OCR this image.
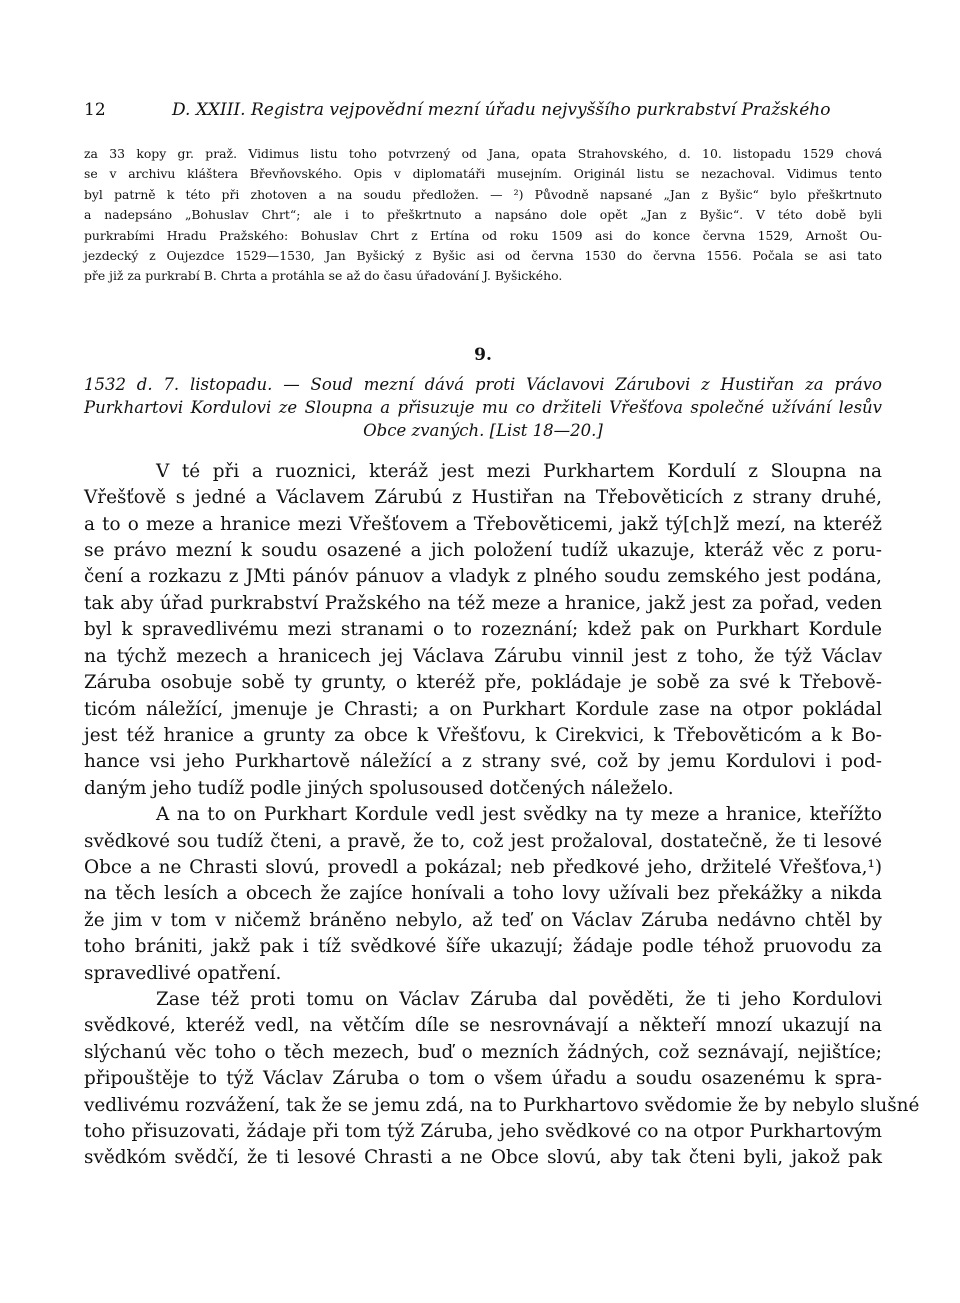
12	D. XXIII. Registra vejpovědní mezní úřadu nejvyššího purkrabství Pražského
za 33 kopy gr. praž. Vidimus listu toho potvrzený od Jana, opata Strahovského, d. 10. listopadu 1529 chová
se v archivu kláštera Břevňovského. Opis v diplomatáři musejním. Originál listu se nezachoval. Vidimus tento
byl patrně k této při zhotoven a na soudu předložen. — ²) Původně napsané „Jan z Byšic“ bylo přeškrtnuto
a nadepsáno „Bohuslav Chrt“; ale i to přeškrtnuto a napsáno dole opět „Jan z Byšic“. V této době byli
purkrabími Hradu Pražského: Bohuslav Chrt z Ertína od roku 1509 asi do konce června 1529, Arnošt Ou-
jezdecký z Oujezdce 1529—1530, Jan Byšický z Byšic asi od června 1530 do června 1556. Počala se asi tato
pře již za purkrabí B. Chrta a protáhla se až do času úřadování J. Byšického.
9.
1532 d. 7. listopadu. — Soud mezní dává proti Václavovi Zárubovi z Hustiřan za právo
Purkhartovi Kordulovi ze Sloupna a přisuzuje mu co držiteli Vřešťova společné užívání lesův
Obce zvaných. [List 18—20.]

V té při a ruoznici, kteráž jest mezi Purkhartem Kordulí z Sloupna na
Vřešťově s jedné a Václavem Zárubú z Hustiřan na Třebověticích z strany druhé,
a to o meze a hranice mezi Vřešťovem a Třebověticemi, jakž tý[ch]ž mezí, na kteréž
se právo mezní k soudu osazené a jich položení tudíž ukazuje, kteráž věc z poru-
čení a rozkazu z JMti pánóv pánuov a vladyk z plného soudu zemského jest podána,
tak aby úřad purkrabství Pražského na též meze a hranice, jakž jest za pořad, veden
byl k spravedlivému mezi stranami o to rozeznání; kdež pak on Purkhart Kordule
na týchž mezech a hranicech jej Václava Zárubu vinnil jest z toho, že týž Václav
Záruba osobuje sobě ty grunty, o kteréž pře, pokládaje je sobě za své k Třebově-
ticóm náležící, jmenuje je Chrasti; a on Purkhart Kordule zase na otpor pokládal
jest též hranice a grunty za obce k Vřešťovu, k Cirekvici, k Třebověticóm a k Bo-
hance vsi jeho Purkhartově náležící a z strany své, což by jemu Kordulovi i pod-
daným jeho tudíž podle jiných spolusoused dotčených náleželo.

A na to on Purkhart Kordule vedl jest svědky na ty meze a hranice, kteřížto
svědkové sou tudíž čteni, a pravě, že to, což jest prožaloval, dostatečně, že ti lesové
Obce a ne Chrasti slovú, provedl a pokázal; neb předkové jeho, držitelé Vřešťova,¹)
na těch lesích a obcech že zajíce honívali a toho lovy užívali bez překážky a nikda
že jim v tom v ničemž bráněno nebylo, až teď on Václav Záruba nedávno chtěl by
toho brániti, jakž pak i tíž svědkové šíře ukazují; žádaje podle téhož pruovodu za
spravedlivé opatření.

Zase též proti tomu on Václav Záruba dal pověděti, že ti jeho Kordulovi
svědkové, kteréž vedl, na větčím díle se nesrovnávají a někteří mnozí ukazují na
slýchanú věc toho o těch mezech, buď o mezních žádných, což seznávají, nejištíce;
připouštěje to týž Václav Záruba o tom o všem úřadu a soudu osazenému k spra-
vedlivému rozvážení, tak že se jemu zdá, na to Purkhartovo svědomie že by nebylo slušné
toho přisuzovati, žádaje při tom týž Záruba, jeho svědkové co na otpor Purkhartovým
svědkóm svědčí, že ti lesové Chrasti a ne Obce slovú, aby tak čteni byli, jakož pak
